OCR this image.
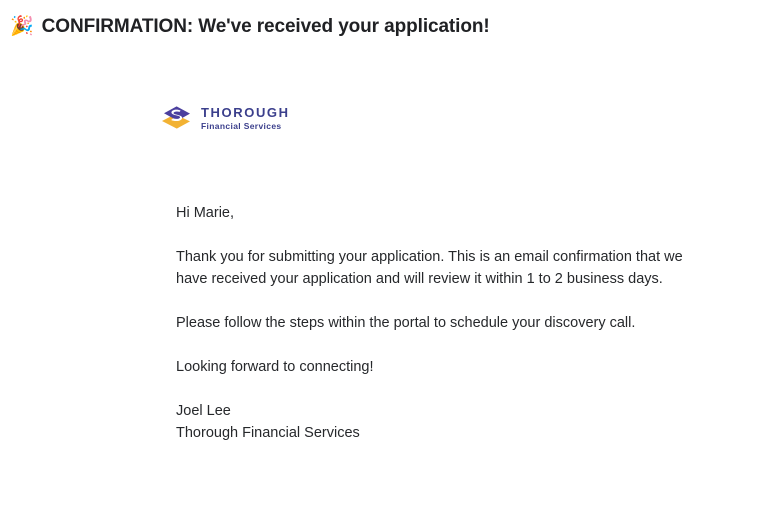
🎉 CONFIRMATION: We've received your application!
THOROUGH
Financial Services

Hi Marie,

Thank you for submitting your application. This is an email confirmation that we have received your application and will review it within 1 to 2 business days.

Please follow the steps within the portal to schedule your discovery call.

Looking forward to connecting!

Joel Lee
Thorough Financial Services
